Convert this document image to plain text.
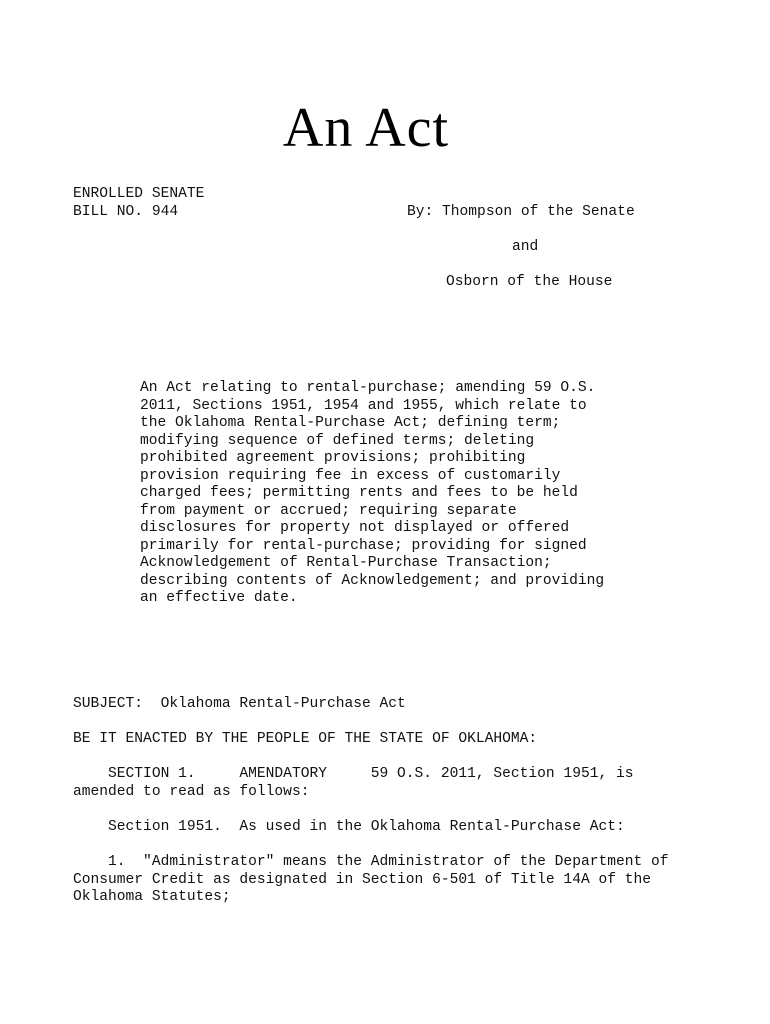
An Act
ENROLLED SENATE
BILL NO. 944	By: Thompson of the Senate
and
Osborn of the House
An Act relating to rental-purchase; amending 59 O.S.
2011, Sections 1951, 1954 and 1955, which relate to
the Oklahoma Rental-Purchase Act; defining term;
modifying sequence of defined terms; deleting
prohibited agreement provisions; prohibiting
provision requiring fee in excess of customarily
charged fees; permitting rents and fees to be held
from payment or accrued; requiring separate
disclosures for property not displayed or offered
primarily for rental-purchase; providing for signed
Acknowledgement of Rental-Purchase Transaction;
describing contents of Acknowledgement; and providing
an effective date.
SUBJECT:  Oklahoma Rental-Purchase Act
BE IT ENACTED BY THE PEOPLE OF THE STATE OF OKLAHOMA:
SECTION 1.     AMENDATORY     59 O.S. 2011, Section 1951, is
amended to read as follows:
Section 1951.  As used in the Oklahoma Rental-Purchase Act:
1.  "Administrator" means the Administrator of the Department of
Consumer Credit as designated in Section 6-501 of Title 14A of the
Oklahoma Statutes;
